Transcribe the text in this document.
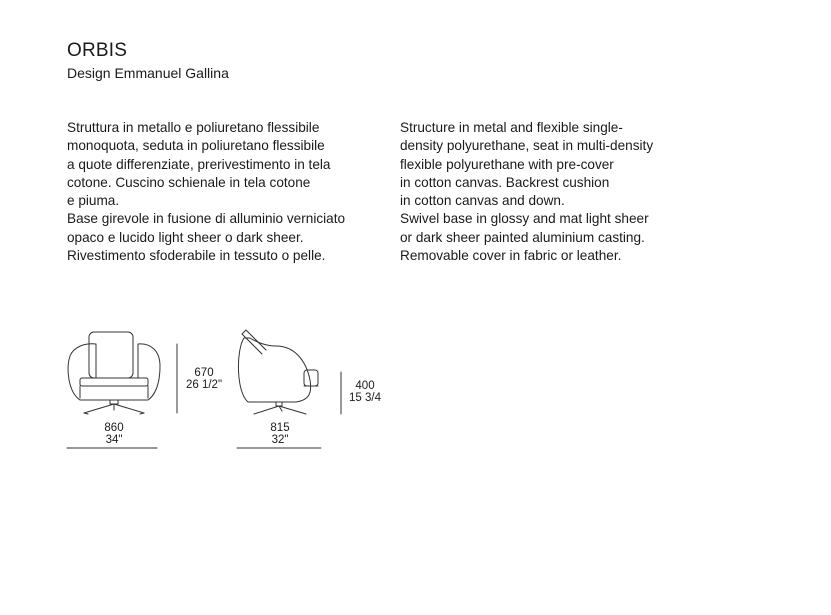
ORBIS
Design Emmanuel Gallina
Struttura in metallo e poliuretano flessibile
monoquota, seduta in poliuretano flessibile
a quote differenziate, prerivestimento in tela
cotone. Cuscino schienale in tela cotone
e piuma.
Base girevole in fusione di alluminio verniciato
opaco e lucido light sheer o dark sheer.
Rivestimento sfoderabile in tessuto o pelle.
Structure in metal and flexible single-
density polyurethane, seat in multi-density
flexible polyurethane with pre-cover
in cotton canvas. Backrest cushion
in cotton canvas and down.
Swivel base in glossy and mat light sheer
or dark sheer painted aluminium casting.
Removable cover in fabric or leather.
860
34"
670
26 1/2"
815
32"
400
15 3/4
